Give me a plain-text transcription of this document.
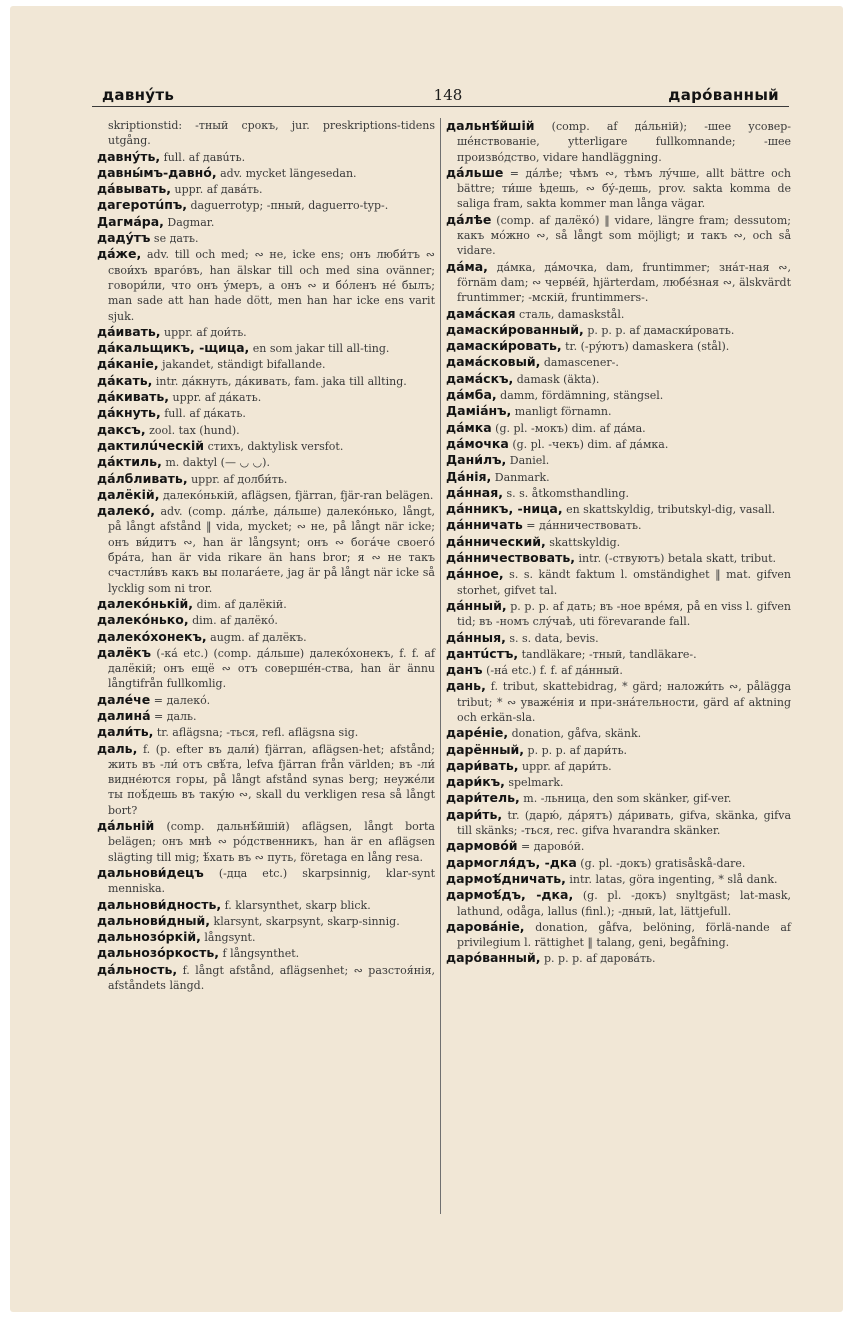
давнýть	148	дарóванный
skriptionstid: -тный срокъ, jur. preskriptions-tidens utgång.
давнýть, full. af давúть.
давны́мъ-давнó, adv. mycket längesedan.
дáвывать, uppr. af давáть.
дагеротúпъ, daguerrotyp; -пный, daguerro-typ-.
Дагмáра, Dagmar.
дадýтъ se дать.
дáже, adv. till och med; ∾ не, icke ens; онъ люби́тъ ∾ свои́хъ враго́въ, han älskar till och med sina ovänner; говори́ли, что онъ у́меръ, а онъ ∾ и бóленъ нé былъ; man sade att han hade dött, men han har icke ens varit sjuk.
дáивать, uppr. af дои́ть.
дáкальщикъ, -щица, en som jakar till all-ting.
дáканіе, jakandet, ständigt bifallande.
дáкать, intr. дáкнуть, дáкивать, fam. jaka till allting.
дáкивать, uppr. af дáкать.
дáкнуть, full. af дáкать.
даксъ, zool. tax (hund).
дактилúческій стихъ, daktylisk versfot.
дáктиль, m. daktyl (— ◡ ◡).
дáлбливать, uppr. af долби́ть.
далёкій, далекóнькій, aflägsen, fjärran, fjär-ran belägen.
далекó, adv. (comp. дáлѣе, дáльше) далекóнько, långt, på långt afstånd ‖ vida, mycket; ∾ не, på långt när icke; онъ ви́дитъ ∾, han är långsynt; онъ ∾ богáче своегó брáта, han är vida rikare än hans bror; я ∾ не такъ счастли́въ какъ вы полагáете, jag är på långt när icke så lycklig som ni tror.
далекóнькій, dim. af далёкій.
далекóнько, dim. af далёкó.
далекóхонекъ, augm. af далёкъ.
далёкъ (-кá etc.) (comp. дáльше) далекóхонекъ, f. f. af далёкій; онъ ещё ∾ отъ соверше́н-ства, han är ännu långtifrån fullkomlig.
далéче = далекó.
далинá = даль.
дали́ть, tr. aflägsna; -ться, refl. aflägsna sig.
даль, f. (p. efter въ дали́) fjärran, aflägsen-het; afstånd; жить въ -ли́ отъ свѣ́та, lefva fjärran från världen; въ -ли́ видне́ются горы, på långt afstånd synas berg; неужéли ты поѣ́дешь въ такýю ∾, skall du verkligen resa så långt bort?
дáльній (comp. дальнѣ́йшій) aflägsen, långt borta belägen; онъ мнѣ ∾ рóдственникъ, han är en aflägsen slägting till mig; ѣ́хать въ ∾ путь, företaga en lång resa.
дальнови́децъ (-дца etc.) skarpsinnig, klar-synt menniska.
дальнови́дность, f. klarsynthet, skarp blick.
дальнови́дный, klarsynt, skarpsynt, skarp-sinnig.
дальнозóркій, långsynt.
дальнозóркость, f långsynthet.
дáльность, f. långt afstånd, aflägsenhet; ∾ разстоя́нія, afståndets längd.
дальнѣ́йшій (comp. af дáльній); -шее усовер-шéнствованіе, ytterligare fullkomnande; -шее произвóдство, vidare handläggning.
дáльше = дáлѣе; чѣмъ ∾, тѣмъ лýчше, allt bättre och bättre; ти́ше ѣдешь, ∾ бý-дешь, prov. sakta komma de saliga fram, sakta kommer man långa vägar.
дáлѣе (comp. af далёкó) ‖ vidare, längre fram; dessutom; какъ мóжно ∾, så långt som möjligt; и такъ ∾, och så vidare.
дáма, дáмка, дáмочка, dam, fruntimmer; знáт-ная ∾, förnäm dam; ∾ черве́й, hjärterdam, любéзная ∾, älskvärdt fruntimmer; -мскій, fruntimmers-.
дамáская сталь, damaskstål.
дамаски́рованный, p. p. p. af дамаски́ровать.
дамаски́ровать, tr. (-рýютъ) damaskera (stål).
дамáсковый, damascener-.
дамáскъ, damask (äkta).
дáмба, damm, fördämning, stängsel.
Дамiáнъ, manligt förnamn.
дáмка (g. pl. -мокъ) dim. af дáма.
дáмочка (g. pl. -чекъ) dim. af дáмка.
Дани́лъ, Daniel.
Дáнія, Danmark.
дáнная, s. s. åtkomsthandling.
дáнникъ, -ница, en skattskyldig, tributskyl-dig, vasall.
дáнничать = дáнничествовать.
дáннический, skattskyldig.
дáнничествовать, intr. (-ствуютъ) betala skatt, tribut.
дáнное, s. s. kändt faktum l. omständighet ‖ mat. gifven storhet, gifvet tal.
дáнный, p. p. p. af дать; въ -ное врéмя, på en viss l. gifven tid; въ -номъ слýчаѣ, uti förevarande fall.
дáнныя, s. s. data, bevis.
дантúстъ, tandläkare; -тный, tandläkare-.
данъ (-нá etc.) f. f. af дáнный.
дань, f. tribut, skattebidrag, * gärd; наложи́ть ∾, pålägga tribut; * ∾ уважéнія и при-знáтельности, gärd af aktning och erkän-sla.
дарéніе, donation, gåfva, skänk.
дарённый, p. p. p. af дари́ть.
дари́вать, uppr. af дари́ть.
дари́къ, spelmark.
дари́тель, m. -льница, den som skänker, gif-ver.
дари́ть, tr. (дарю́, дáрятъ) дáривать, gifva, skänka, gifva till skänks; -ться, rec. gifva hvarandra skänker.
дармовóй = даровóй.
дармогля́дъ, -дка (g. pl. -докъ) gratisåskå-dare.
дармоѣ́дничать, intr. latas, göra ingenting, * slå dank.
дармоѣ́дъ, -дка, (g. pl. -докъ) snyltgäst; lat-mask, lathund, odåga, lallus (finl.); -дный, lat, lättjefull.
даровáніе, donation, gåfva, belöning, förlä-nande af privilegium l. rättighet ‖ talang, geni, begåfning.
дарóванный, p. p. p. af даровáть.
